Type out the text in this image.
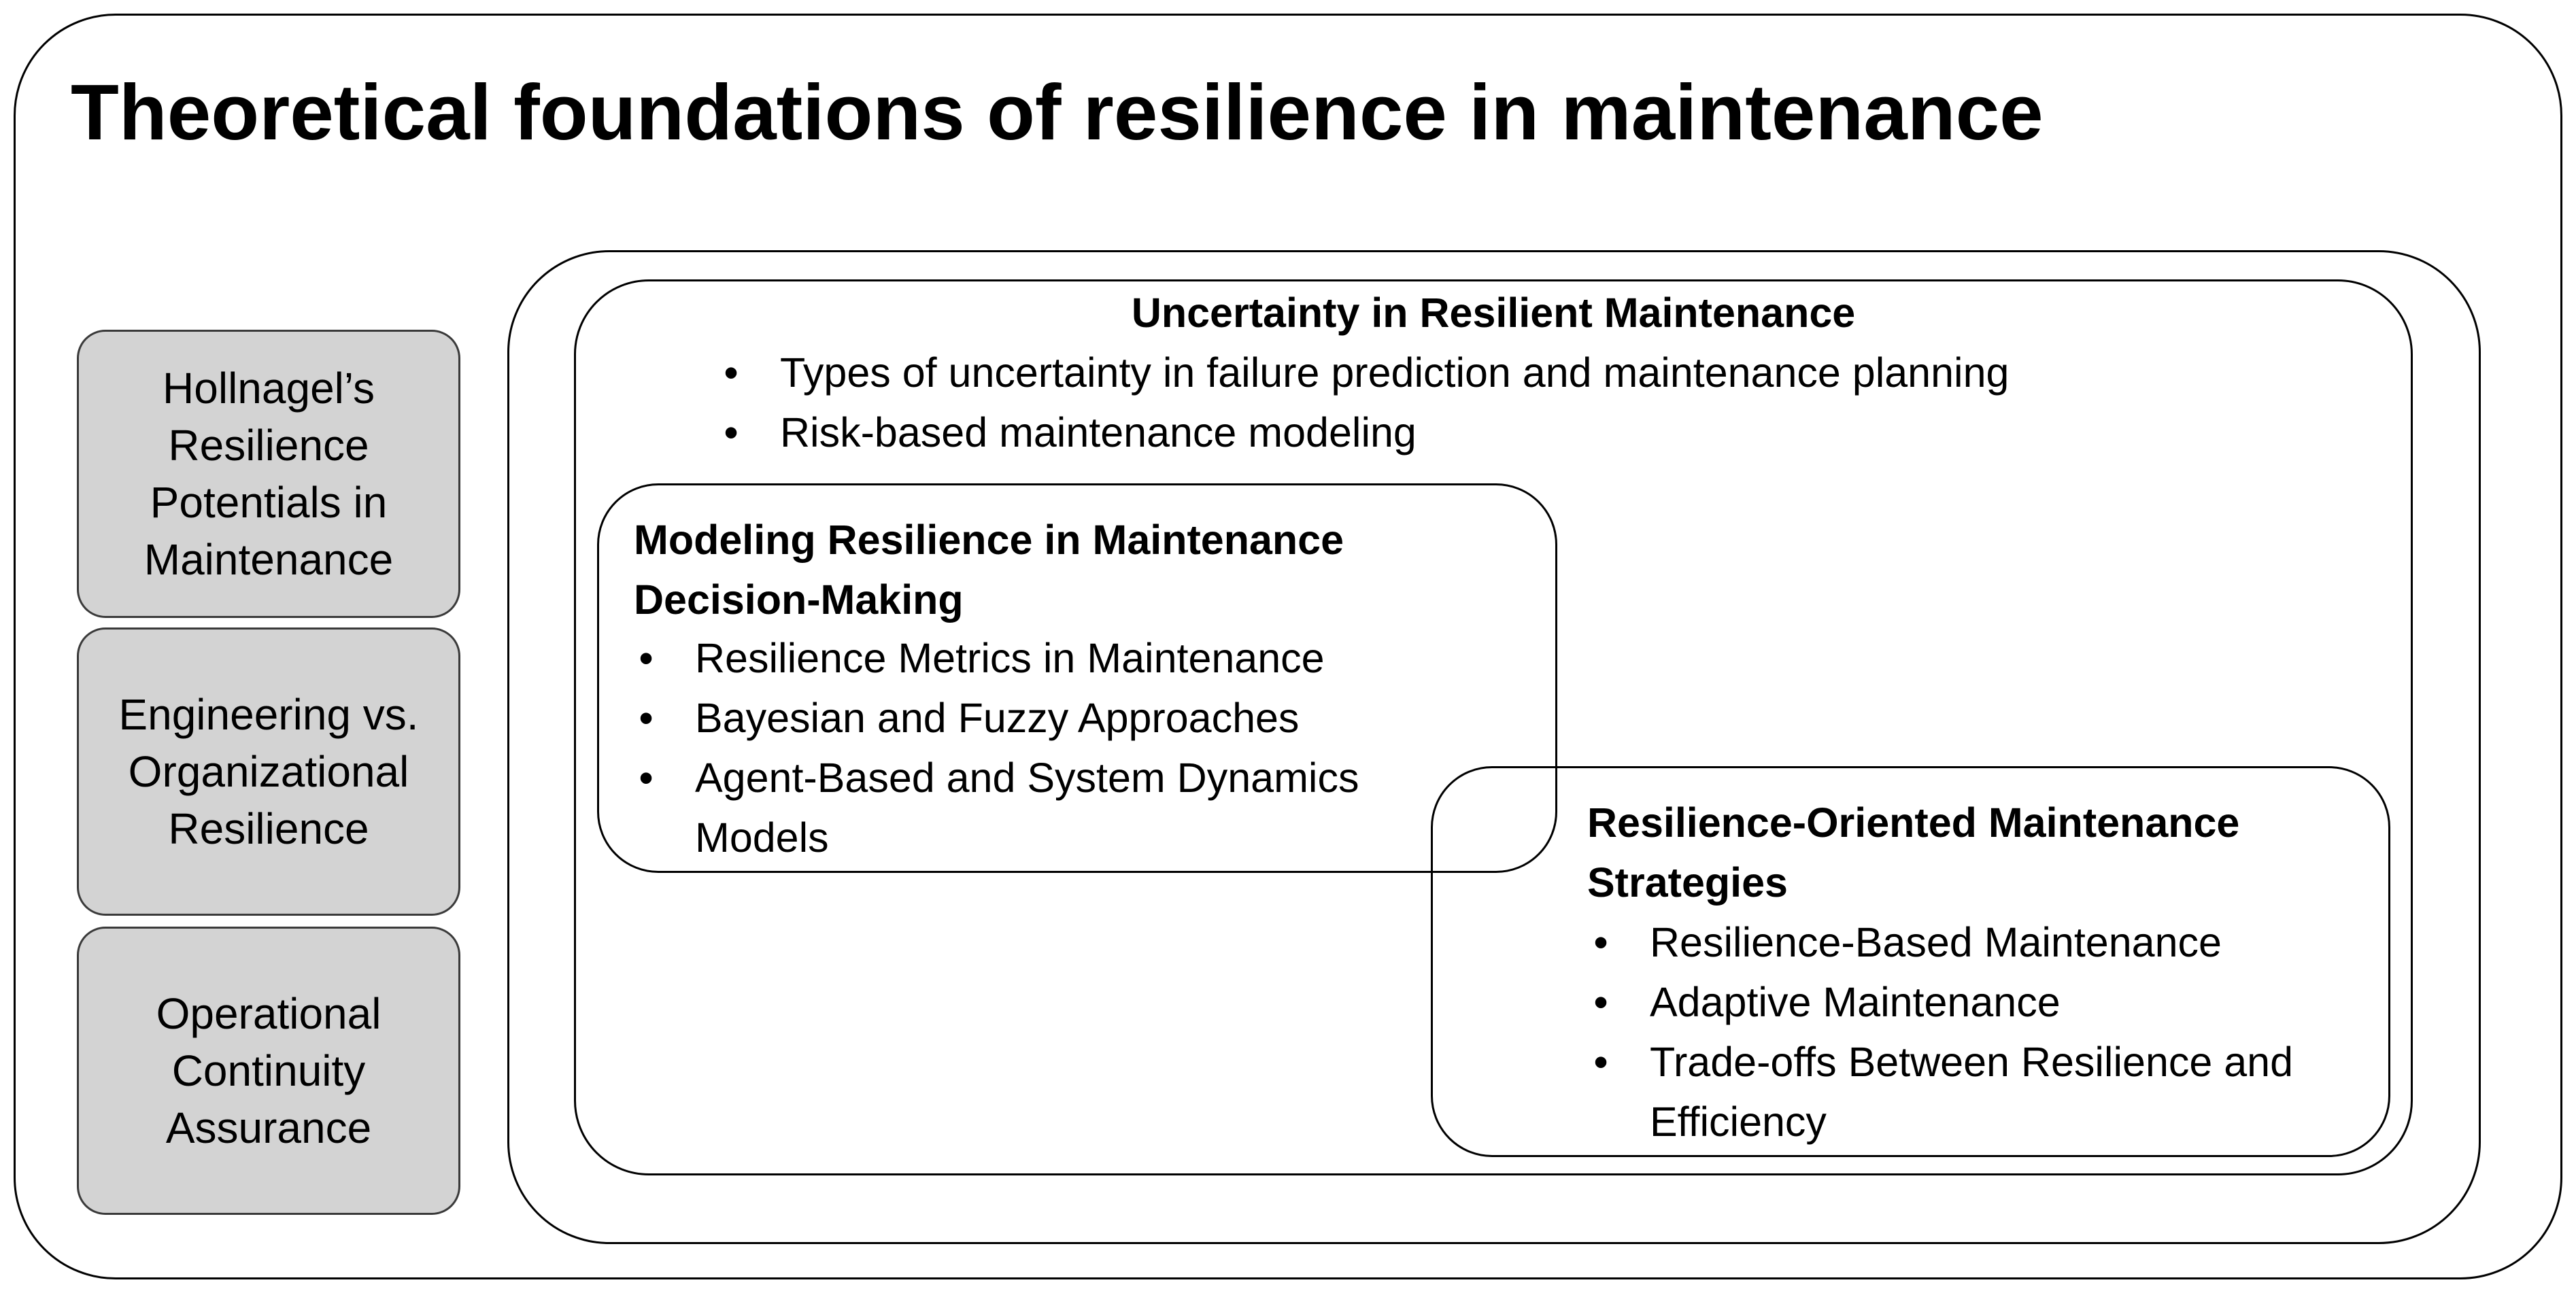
Theoretical foundations of resilience in maintenance
Hollnagel’s Resilience Potentials in Maintenance
Engineering vs. Organizational Resilience
Operational Continuity Assurance
Uncertainty in Resilient Maintenance
• Types of uncertainty in failure prediction and maintenance planning
• Risk-based maintenance modeling
Modeling Resilience in Maintenance Decision-Making
• Resilience Metrics in Maintenance
• Bayesian and Fuzzy Approaches
• Agent-Based and System Dynamics Models	Resilience-Oriented Maintenance Strategies
• Resilience-Based Maintenance
• Adaptive Maintenance
• Trade-offs Between Resilience and Efficiency
